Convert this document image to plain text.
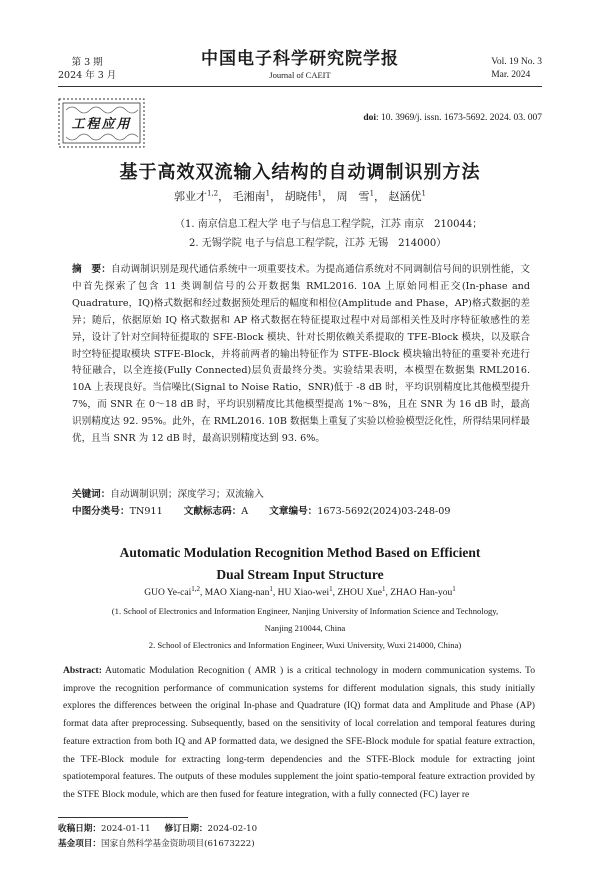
第 3 期
2024 年 3 月
中国电子科学研究院学报
Journal of CAEIT
Vol. 19 No. 3
Mar. 2024
工程应用	doi: 10. 3969/j. issn. 1673-5692. 2024. 03. 007
基于高效双流输入结构的自动调制识别方法
郭业才$^{1,2}$， 毛湘南$^1$， 胡晓伟$^1$， 周　雪$^1$， 赵涵优$^1$
（1. 南京信息工程大学 电子与信息工程学院，江苏 南京　210044；
2. 无锡学院 电子与信息工程学院，江苏 无锡　214000）
摘　要：自动调制识别是现代通信系统中一项重要技术。为提高通信系统对不同调制信号间的识别性能，文中首先探索了包含 11 类调制信号的公开数据集 RML2016. 10A 上原始同相正交(In-phase and Quadrature，IQ)格式数据和经过数据预处理后的幅度和相位(Amplitude and Phase，AP)格式数据的差异；随后，依据原始 IQ 格式数据和 AP 格式数据在特征提取过程中对局部相关性及时序特征敏感性的差异，设计了针对空间特征提取的 SFE-Block 模块、针对长期依赖关系提取的 TFE-Block 模块，以及联合时空特征提取模块 STFE-Block，并将前两者的输出特征作为 STFE-Block 模块输出特征的重要补充进行特征融合，以全连接(Fully Connected)层负责最终分类。实验结果表明，本模型在数据集 RML2016. 10A 上表现良好。当信噪比(Signal to Noise Ratio，SNR)低于 -8 dB 时，平均识别精度比其他模型提升 7%，而 SNR 在 0～18 dB 时，平均识别精度比其他模型提高 1%～8%，且在 SNR 为 16 dB 时，最高识别精度达 92. 95%。此外，在 RML2016. 10B 数据集上重复了实验以检验模型泛化性，所得结果同样最优，且当 SNR 为 12 dB 时，最高识别精度达到 93. 6%。
关键词：自动调制识别；深度学习；双流输入
中图分类号：TN911 文献标志码：A 文章编号：1673-5692(2024)03-248-09
Automatic Modulation Recognition Method Based on Efficient
Dual Stream Input Structure
GUO Ye-cai$^{1,2}$, MAO Xiang-nan$^1$, HU Xiao-wei$^1$, ZHOU Xue$^1$, ZHAO Han-you$^1$
(1. School of Electronics and Information Engineer, Nanjing University of Information Science and Technology,
Nanjing 210044, China
2. School of Electronics and Information Engineer, Wuxi University, Wuxi 214000, China)
Abstract: Automatic Modulation Recognition ( AMR ) is a critical technology in modern communication systems. To improve the recognition performance of communication systems for different modulation signals, this study initially explores the differences between the original In-phase and Quadrature (IQ) format data and Amplitude and Phase (AP) format data after preprocessing. Subsequently, based on the sensitivity of local correlation and temporal features during feature extraction from both IQ and AP formatted data, we designed the SFE-Block module for spatial feature extraction, the TFE-Block module for extracting long-term dependencies and the STFE-Block module for extracting joint spatiotemporal features. The outputs of these modules supplement the joint spatio-temporal feature extraction provided by the STFE Block module, which are then fused for feature integration, with a fully connected (FC) layer re
收稿日期：2024-01-11 修订日期：2024-02-10
基金项目：国家自然科学基金资助项目(61673222)
